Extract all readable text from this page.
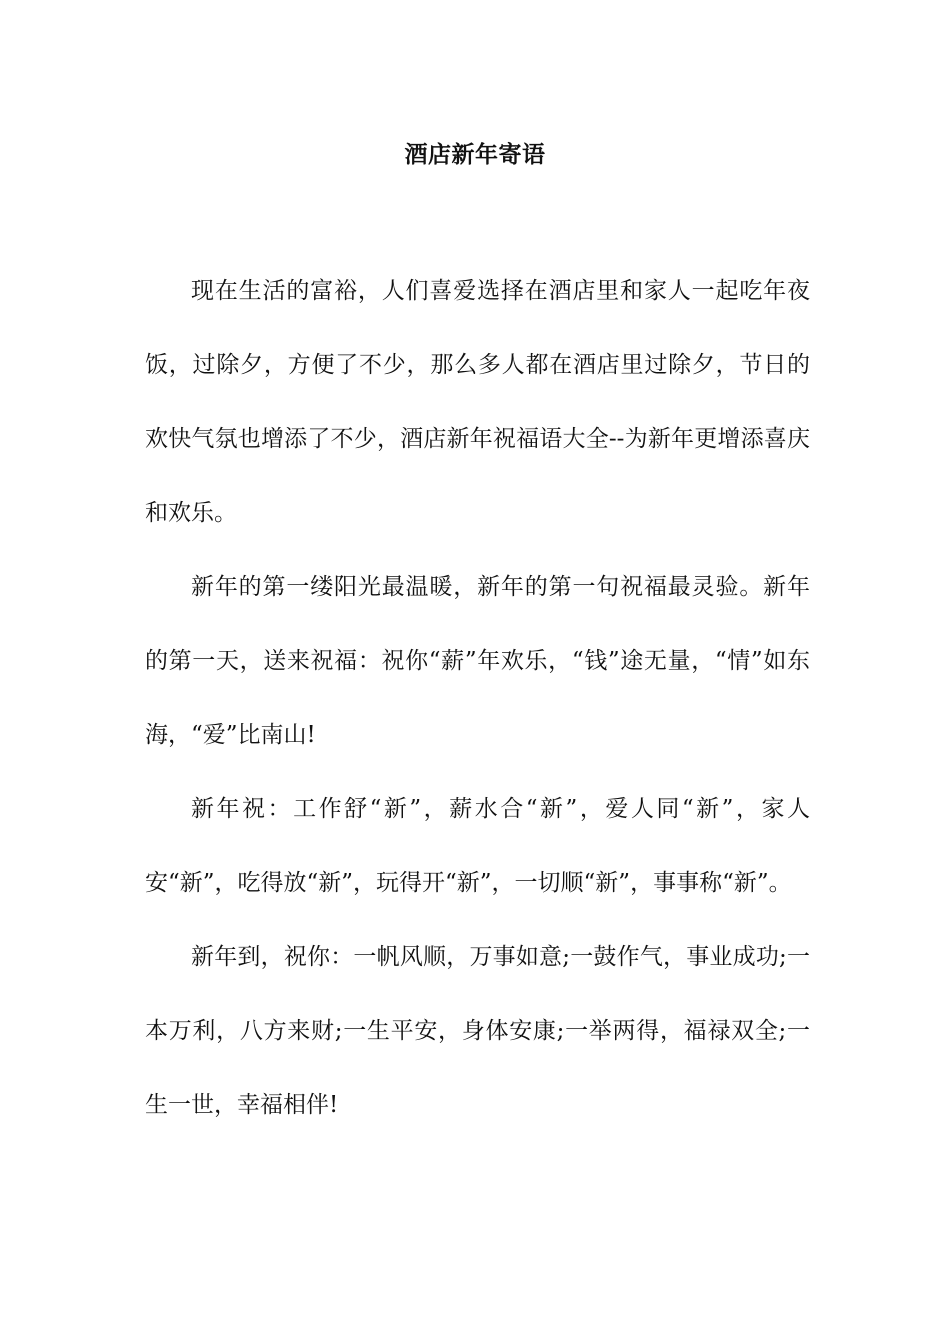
酒店新年寄语

现在生活的富裕，人们喜爱选择在酒店里和家人一起吃年夜饭，过除夕，方便了不少，那么多人都在酒店里过除夕，节日的欢快气氛也增添了不少，酒店新年祝福语大全--为新年更增添喜庆和欢乐。

新年的第一缕阳光最温暖，新年的第一句祝福最灵验。新年的第一天，送来祝福：祝你“薪”年欢乐，“钱”途无量，“情”如东海，“爱”比南山!

新年祝：工作舒“新”，薪水合“新”，爱人同“新”，家人安“新”，吃得放“新”，玩得开“新”，一切顺“新”，事事称“新”。

新年到，祝你：一帆风顺，万事如意;一鼓作气，事业成功;一本万利，八方来财;一生平安，身体安康;一举两得，福禄双全;一生一世，幸福相伴!
